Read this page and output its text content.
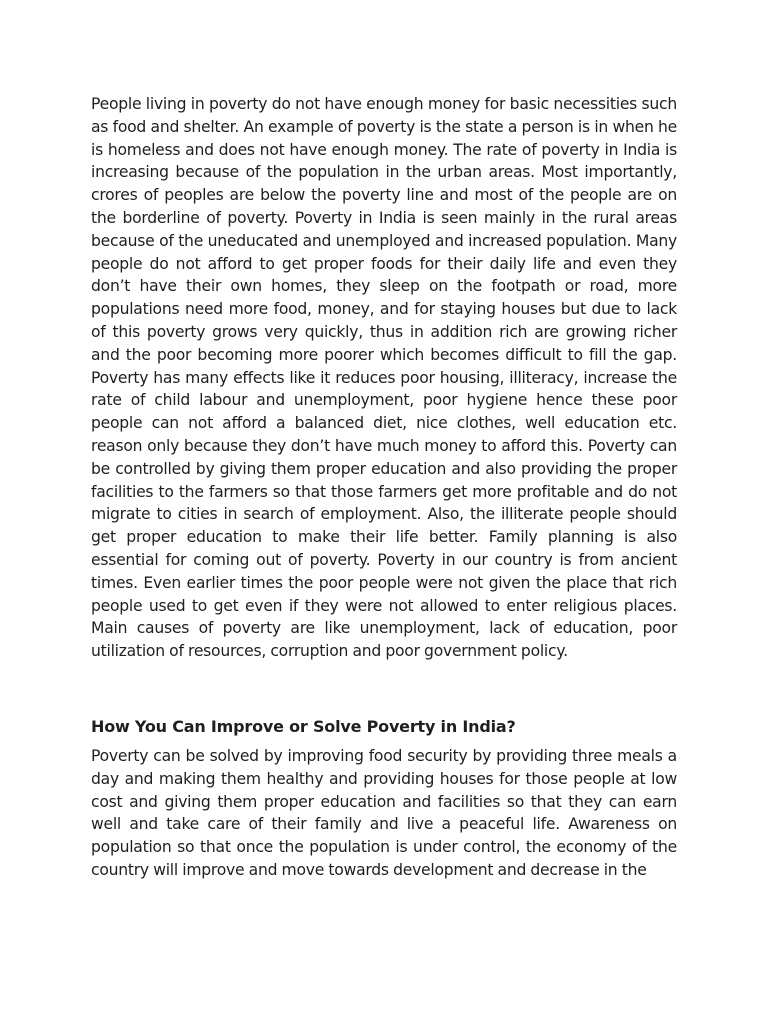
People living in poverty do not have enough money for basic necessities such as food and shelter. An example of poverty is the state a person is in when he is homeless and does not have enough money. The rate of poverty in India is increasing because of the population in the urban areas. Most importantly, crores of peoples are below the poverty line and most of the people are on the borderline of poverty. Poverty in India is seen mainly in the rural areas because of the uneducated and unemployed and increased population. Many people do not afford to get proper foods for their daily life and even they don’t have their own homes, they sleep on the footpath or road, more populations need more food, money, and for staying houses but due to lack of this poverty grows very quickly, thus in addition rich are growing richer and the poor becoming more poorer which becomes difficult to fill the gap. Poverty has many effects like it reduces poor housing, illiteracy, increase the rate of child labour and unemployment, poor hygiene hence these poor people can not afford a balanced diet, nice clothes, well education etc. reason only because they don’t have much money to afford this. Poverty can be controlled by giving them proper education and also providing the proper facilities to the farmers so that those farmers get more profitable and do not migrate to cities in search of employment. Also, the illiterate people should get proper education to make their life better. Family planning is also essential for coming out of poverty. Poverty in our country is from ancient times. Even earlier times the poor people were not given the place that rich people used to get even if they were not allowed to enter religious places. Main causes of poverty are like unemployment, lack of education, poor utilization of resources, corruption and poor government policy.

How You Can Improve or Solve Poverty in India?

Poverty can be solved by improving food security by providing three meals a day and making them healthy and providing houses for those people at low cost and giving them proper education and facilities so that they can earn well and take care of their family and live a peaceful life. Awareness on population so that once the population is under control, the economy of the country will improve and move towards development and decrease in the
